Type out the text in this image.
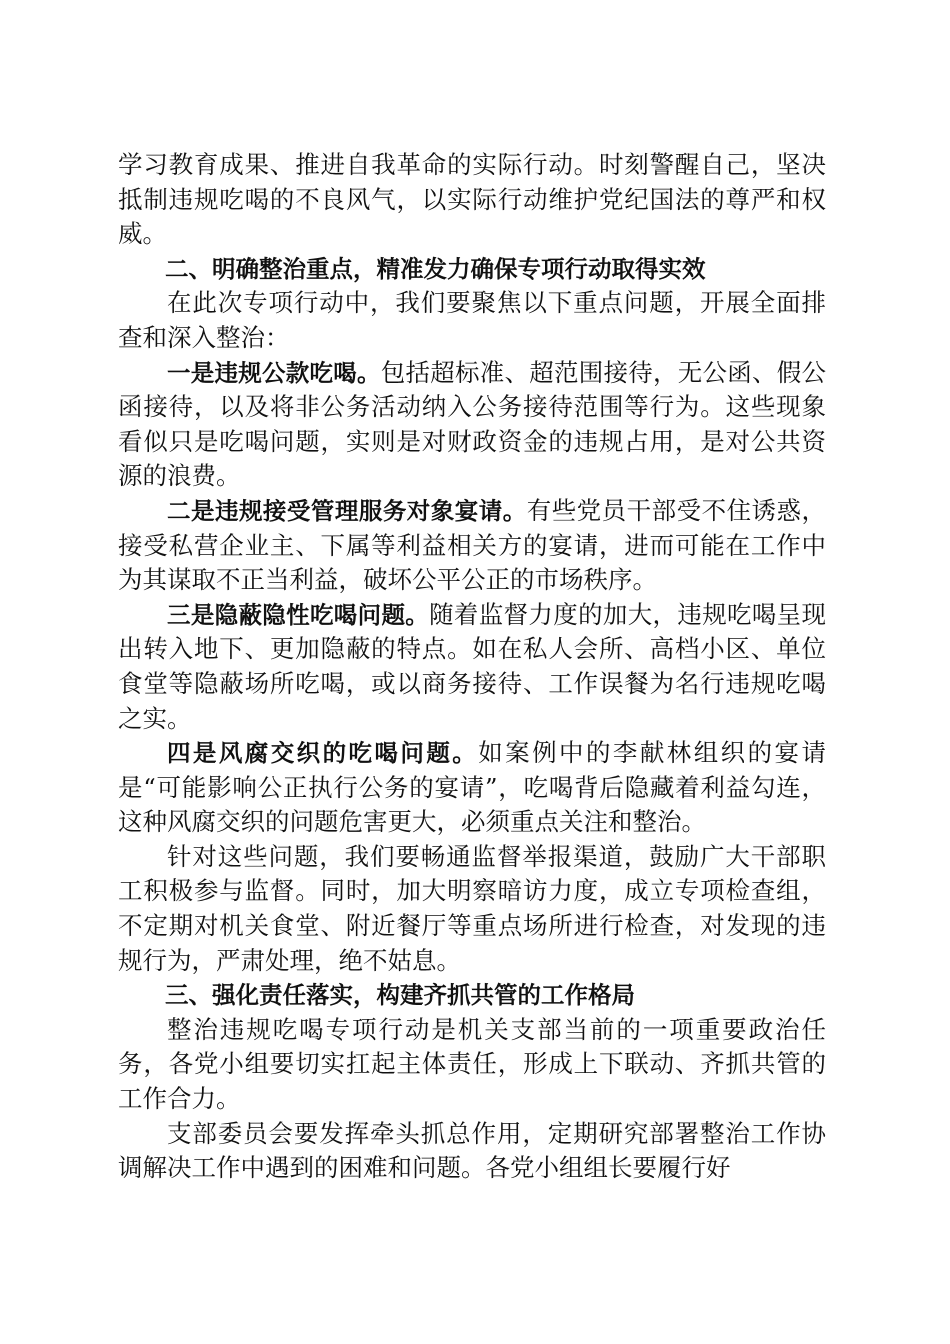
学习教育成果、推进自我革命的实际行动。时刻警醒自己，坚决抵制违规吃喝的不良风气，以实际行动维护党纪国法的尊严和权威。

二、明确整治重点，精准发力确保专项行动取得实效

在此次专项行动中，我们要聚焦以下重点问题，开展全面排查和深入整治：

一是违规公款吃喝。包括超标准、超范围接待，无公函、假公函接待，以及将非公务活动纳入公务接待范围等行为。这些现象看似只是吃喝问题，实则是对财政资金的违规占用，是对公共资源的浪费。

二是违规接受管理服务对象宴请。有些党员干部受不住诱惑，接受私营企业主、下属等利益相关方的宴请，进而可能在工作中为其谋取不正当利益，破坏公平公正的市场秩序。

三是隐蔽隐性吃喝问题。随着监督力度的加大，违规吃喝呈现出转入地下、更加隐蔽的特点。如在私人会所、高档小区、单位食堂等隐蔽场所吃喝，或以商务接待、工作误餐为名行违规吃喝之实。

四是风腐交织的吃喝问题。如案例中的李献林组织的宴请是“可能影响公正执行公务的宴请”，吃喝背后隐藏着利益勾连，这种风腐交织的问题危害更大，必须重点关注和整治。

针对这些问题，我们要畅通监督举报渠道，鼓励广大干部职工积极参与监督。同时，加大明察暗访力度，成立专项检查组，不定期对机关食堂、附近餐厅等重点场所进行检查，对发现的违规行为，严肃处理，绝不姑息。

三、强化责任落实，构建齐抓共管的工作格局

整治违规吃喝专项行动是机关支部当前的一项重要政治任务，各党小组要切实扛起主体责任，形成上下联动、齐抓共管的工作合力。

支部委员会要发挥牵头抓总作用，定期研究部署整治工作协调解决工作中遇到的困难和问题。各党小组组长要履行好
